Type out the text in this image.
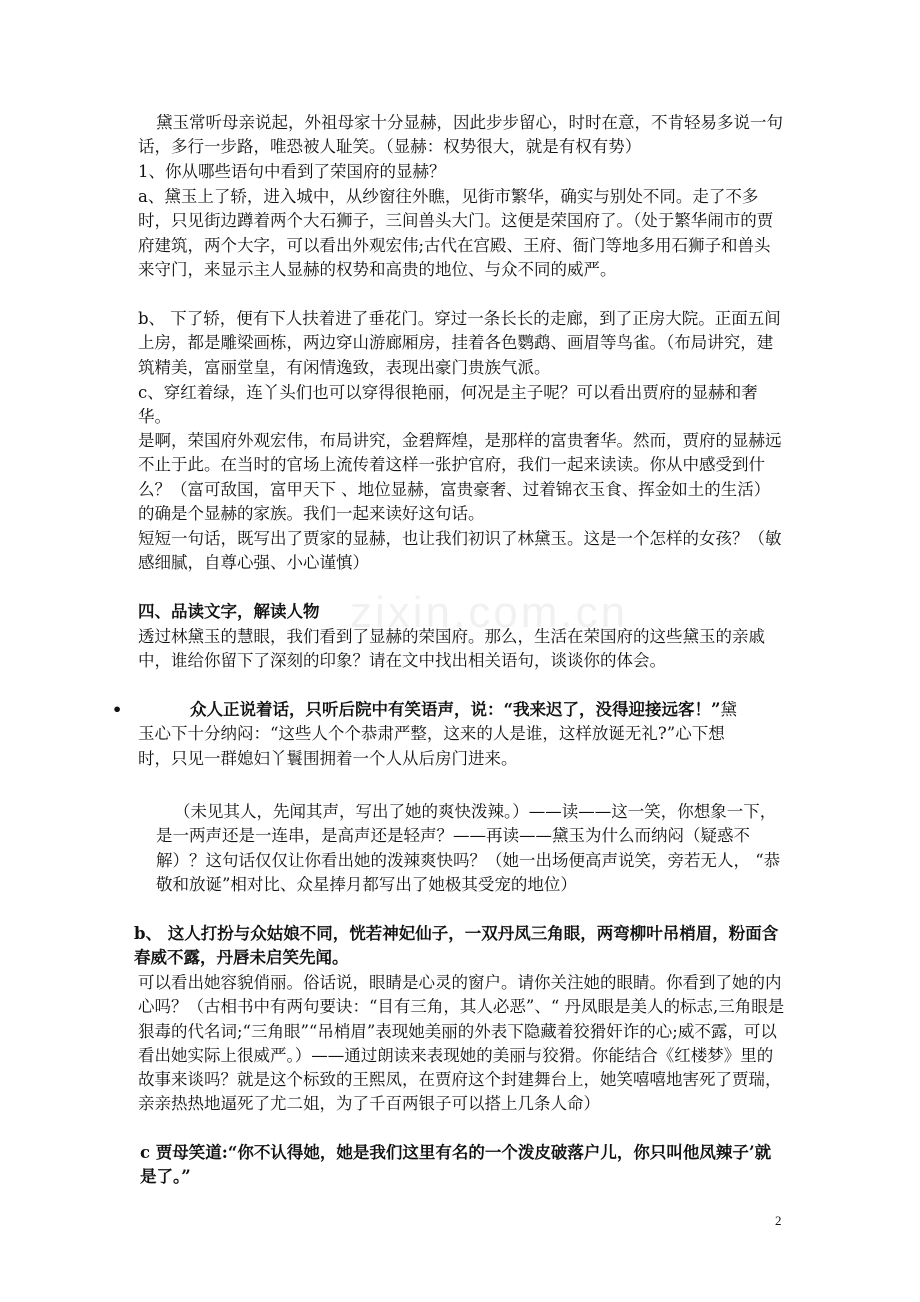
zixin.com.cn

黛玉常听母亲说起，外祖母家十分显赫，因此步步留心，时时在意，不肯轻易多说一句话，多行一步路，唯恐被人耻笑。（显赫：权势很大，就是有权有势）

1、你从哪些语句中看到了荣国府的显赫？

a、黛玉上了轿，进入城中，从纱窗往外瞧，见街市繁华，确实与别处不同。走了不多时，只见街边蹲着两个大石狮子，三间兽头大门。这便是荣国府了。（处于繁华闹市的贾府建筑，两个大字，可以看出外观宏伟;古代在宫殿、王府、衙门等地多用石狮子和兽头来守门，来显示主人显赫的权势和高贵的地位、与众不同的威严。

b、 下了轿，便有下人扶着进了垂花门。穿过一条长长的走廊，到了正房大院。正面五间上房，都是雕梁画栋，两边穿山游廊厢房，挂着各色鹦鹉、画眉等鸟雀。（布局讲究，建筑精美，富丽堂皇，有闲情逸致，表现出豪门贵族气派。

c、穿红着绿，连丫头们也可以穿得很艳丽，何况是主子呢？可以看出贾府的显赫和奢华。

是啊，荣国府外观宏伟，布局讲究，金碧辉煌，是那样的富贵奢华。然而，贾府的显赫远不止于此。在当时的官场上流传着这样一张护官府，我们一起来读读。你从中感受到什么？（富可敌国，富甲天下 、地位显赫，富贵豪奢、过着锦衣玉食、挥金如土的生活）的确是个显赫的家族。我们一起来读好这句话。

短短一句话，既写出了贾家的显赫，也让我们初识了林黛玉。这是一个怎样的女孩？（敏感细腻，自尊心强、小心谨慎）

四、品读文字，解读人物

透过林黛玉的慧眼，我们看到了显赫的荣国府。那么，生活在荣国府的这些黛玉的亲戚中，谁给你留下了深刻的印象？请在文中找出相关语句，谈谈你的体会。

•	众人正说着话，只听后院中有笑语声，说：“我来迟了，没得迎接远客！”黛玉心下十分纳闷：“这些人个个恭肃严整，这来的人是谁，这样放诞无礼?”心下想时，只见一群媳妇丫鬟围拥着一个人从后房门进来。

（未见其人，先闻其声，写出了她的爽快泼辣。）——读——这一笑，你想象一下，是一两声还是一连串，是高声还是轻声？——再读——黛玉为什么而纳闷（疑惑不解）？这句话仅仅让你看出她的泼辣爽快吗？（她一出场便高声说笑，旁若无人， “恭敬和放诞”相对比、众星捧月都写出了她极其受宠的地位）

b、 这人打扮与众姑娘不同，恍若神妃仙子，一双丹凤三角眼，两弯柳叶吊梢眉，粉面含春威不露，丹唇未启笑先闻。

可以看出她容貌俏丽。俗话说，眼睛是心灵的窗户。请你关注她的眼睛。你看到了她的内心吗？（古相书中有两句要诀：“目有三角，其人必恶”、“ 丹凤眼是美人的标志,三角眼是狠毒的代名词;“三角眼”“吊梢眉”表现她美丽的外表下隐藏着狡猾奸诈的心;威不露，可以看出她实际上很威严。）——通过朗读来表现她的美丽与狡猾。你能结合《红楼梦》里的故事来谈吗？就是这个标致的王熙凤，在贾府这个封建舞台上，她笑嘻嘻地害死了贾瑞，亲亲热热地逼死了尤二姐，为了千百两银子可以搭上几条人命）

c 贾母笑道:“你不认得她，她是我们这里有名的一个泼皮破落户儿，你只叫他凤辣子’就是了。”

2
